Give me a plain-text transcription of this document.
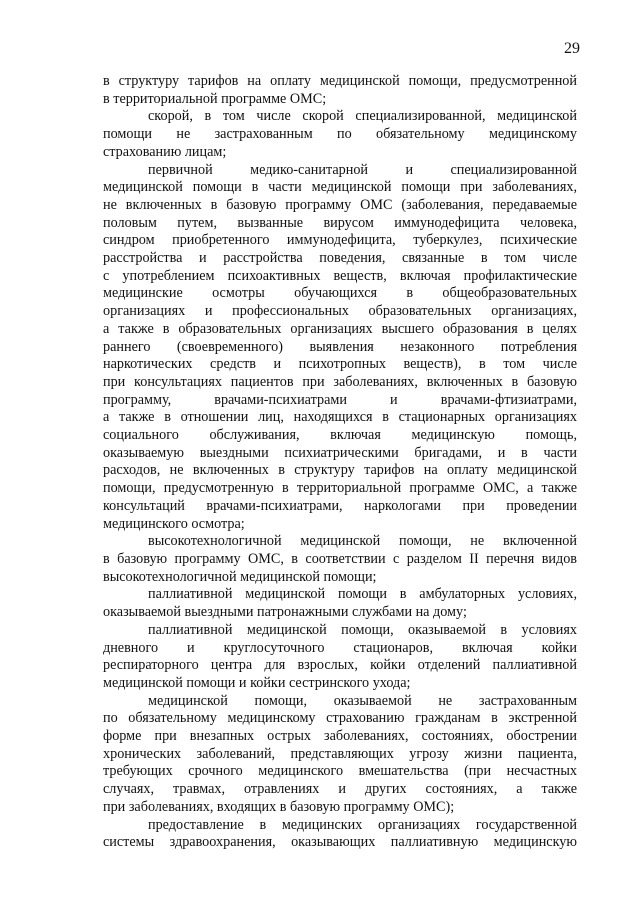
29

в структуру тарифов на оплату медицинской помощи, предусмотренной
в территориальной программе ОМС;

скорой, в том числе скорой специализированной, медицинской
помощи не застрахованным по обязательному медицинскому
страхованию лицам;

первичной медико-санитарной и специализированной
медицинской помощи в части медицинской помощи при заболеваниях,
не включенных в базовую программу ОМС (заболевания, передаваемые
половым путем, вызванные вирусом иммунодефицита человека,
синдром приобретенного иммунодефицита, туберкулез, психические
расстройства и расстройства поведения, связанные в том числе
с употреблением психоактивных веществ, включая профилактические
медицинские осмотры обучающихся в общеобразовательных
организациях и профессиональных образовательных организациях,
а также в образовательных организациях высшего образования в целях
раннего (своевременного) выявления незаконного потребления
наркотических средств и психотропных веществ), в том числе
при консультациях пациентов при заболеваниях, включенных в базовую
программу, врачами-психиатрами и врачами-фтизиатрами,
а также в отношении лиц, находящихся в стационарных организациях
социального обслуживания, включая медицинскую помощь,
оказываемую выездными психиатрическими бригадами, и в части
расходов, не включенных в структуру тарифов на оплату медицинской
помощи, предусмотренную в территориальной программе ОМС, а также
консультаций врачами-психиатрами, наркологами при проведении
медицинского осмотра;

высокотехнологичной медицинской помощи, не включенной
в базовую программу ОМС, в соответствии с разделом II перечня видов
высокотехнологичной медицинской помощи;

паллиативной медицинской помощи в амбулаторных условиях,
оказываемой выездными патронажными службами на дому;

паллиативной медицинской помощи, оказываемой в условиях
дневного и круглосуточного стационаров, включая койки
респираторного центра для взрослых, койки отделений паллиативной
медицинской помощи и койки сестринского ухода;

медицинской помощи, оказываемой не застрахованным
по обязательному медицинскому страхованию гражданам в экстренной
форме при внезапных острых заболеваниях, состояниях, обострении
хронических заболеваний, представляющих угрозу жизни пациента,
требующих срочного медицинского вмешательства (при несчастных
случаях, травмах, отравлениях и других состояниях, а также
при заболеваниях, входящих в базовую программу ОМС);

предоставление в медицинских организациях государственной
системы здравоохранения, оказывающих паллиативную медицинскую
